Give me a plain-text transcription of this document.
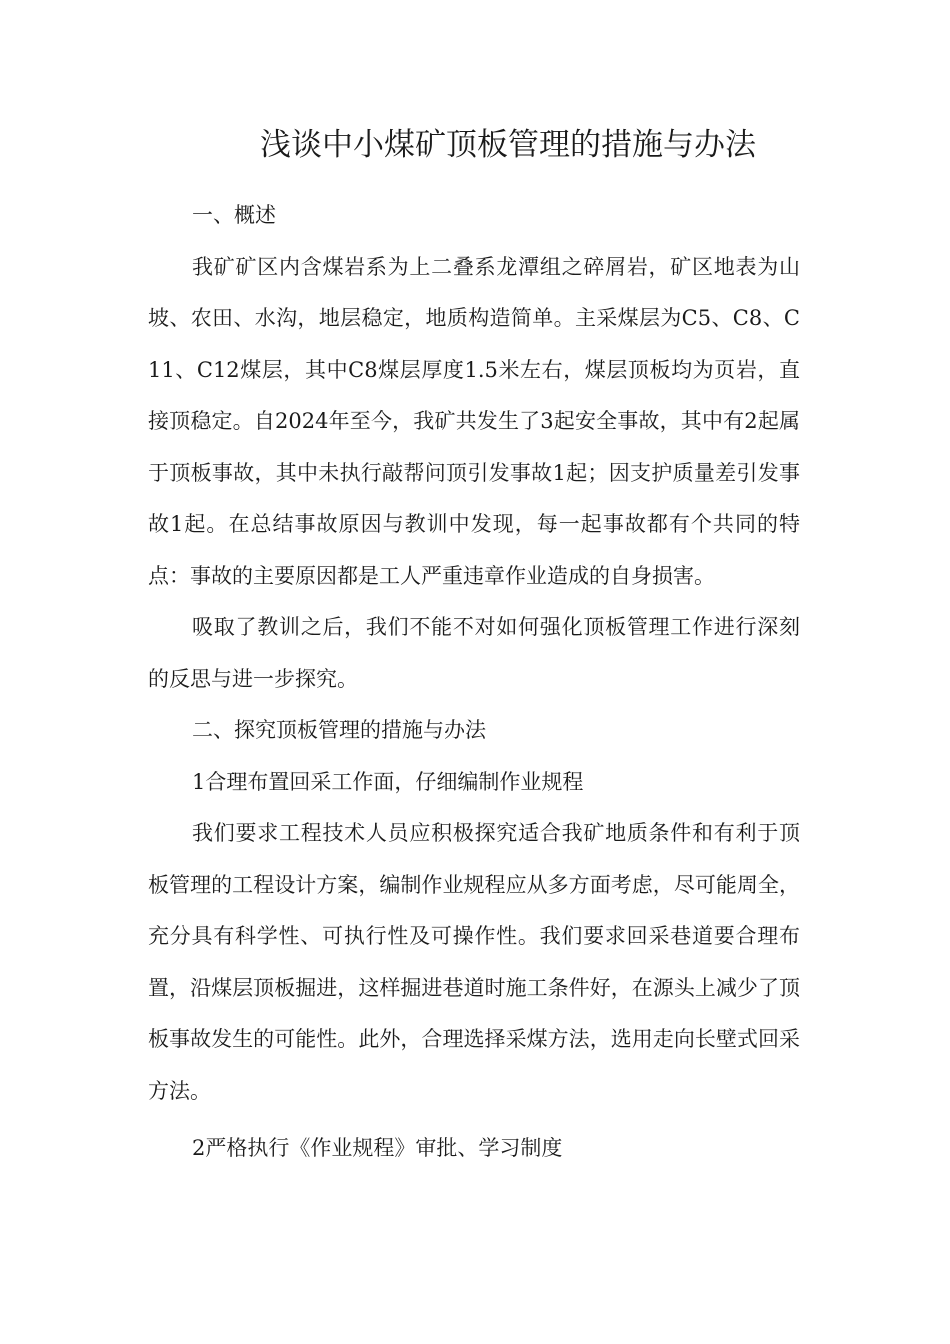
浅谈中小煤矿顶板管理的措施与办法

一、概述

我矿矿区内含煤岩系为上二叠系龙潭组之碎屑岩，矿区地表为山坡、农田、水沟，地层稳定，地质构造简单。主采煤层为C5、C8、C11、C12煤层，其中C8煤层厚度1.5米左右，煤层顶板均为页岩，直接顶稳定。自2024年至今，我矿共发生了3起安全事故，其中有2起属于顶板事故，其中未执行敲帮问顶引发事故1起；因支护质量差引发事故1起。在总结事故原因与教训中发现，每一起事故都有个共同的特点：事故的主要原因都是工人严重违章作业造成的自身损害。

吸取了教训之后，我们不能不对如何强化顶板管理工作进行深刻的反思与进一步探究。

二、探究顶板管理的措施与办法

1合理布置回采工作面，仔细编制作业规程

我们要求工程技术人员应积极探究适合我矿地质条件和有利于顶板管理的工程设计方案，编制作业规程应从多方面考虑，尽可能周全，充分具有科学性、可执行性及可操作性。我们要求回采巷道要合理布置，沿煤层顶板掘进，这样掘进巷道时施工条件好，在源头上减少了顶板事故发生的可能性。此外，合理选择采煤方法，选用走向长壁式回采方法。

2严格执行《作业规程》审批、学习制度
